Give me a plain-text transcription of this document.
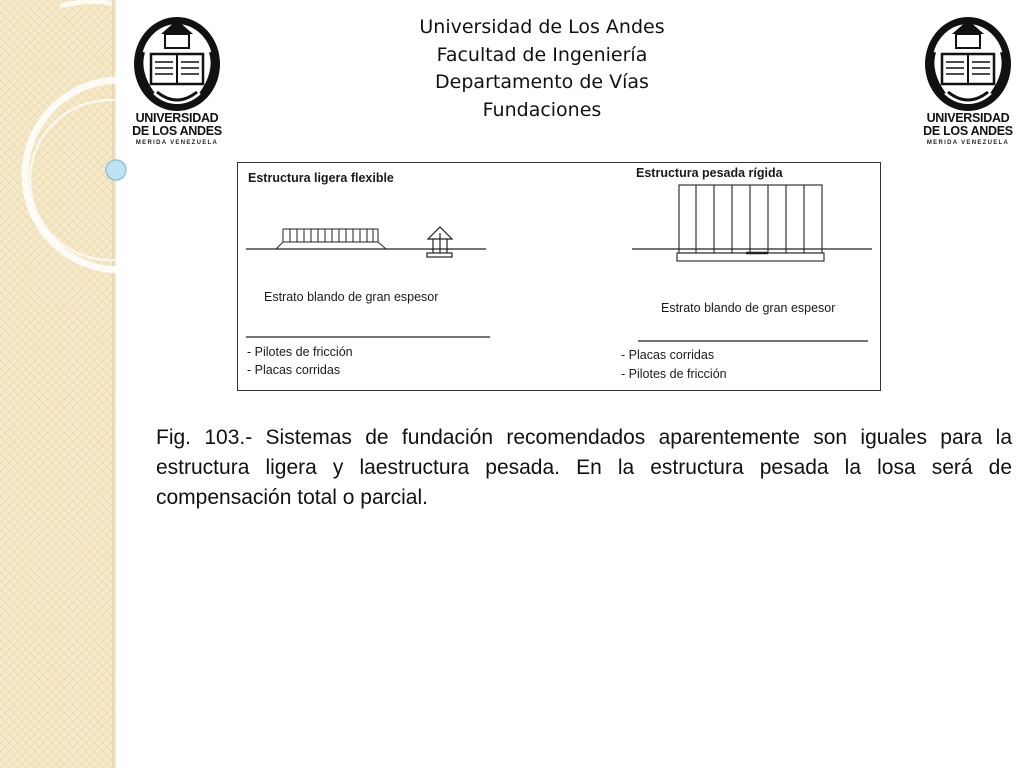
UNIVERSIDAD
DE LOS ANDES
MERIDA VENEZUELA
UNIVERSIDAD
DE LOS ANDES
MERIDA VENEZUELA
Universidad de Los Andes
Facultad de Ingeniería
Departamento de Vías
Fundaciones
Estructura ligera flexible
Estrato blando de gran espesor
- Pilotes de fricción
- Placas corridas
Estructura pesada rígida
Estrato blando de gran espesor
- Placas corridas
- Pilotes de fricción

Fig. 103.- Sistemas de fundación recomendados aparentemente son iguales para la estructura ligera y laestructura pesada. En la estructura pesada la losa será de compensación total o parcial.
